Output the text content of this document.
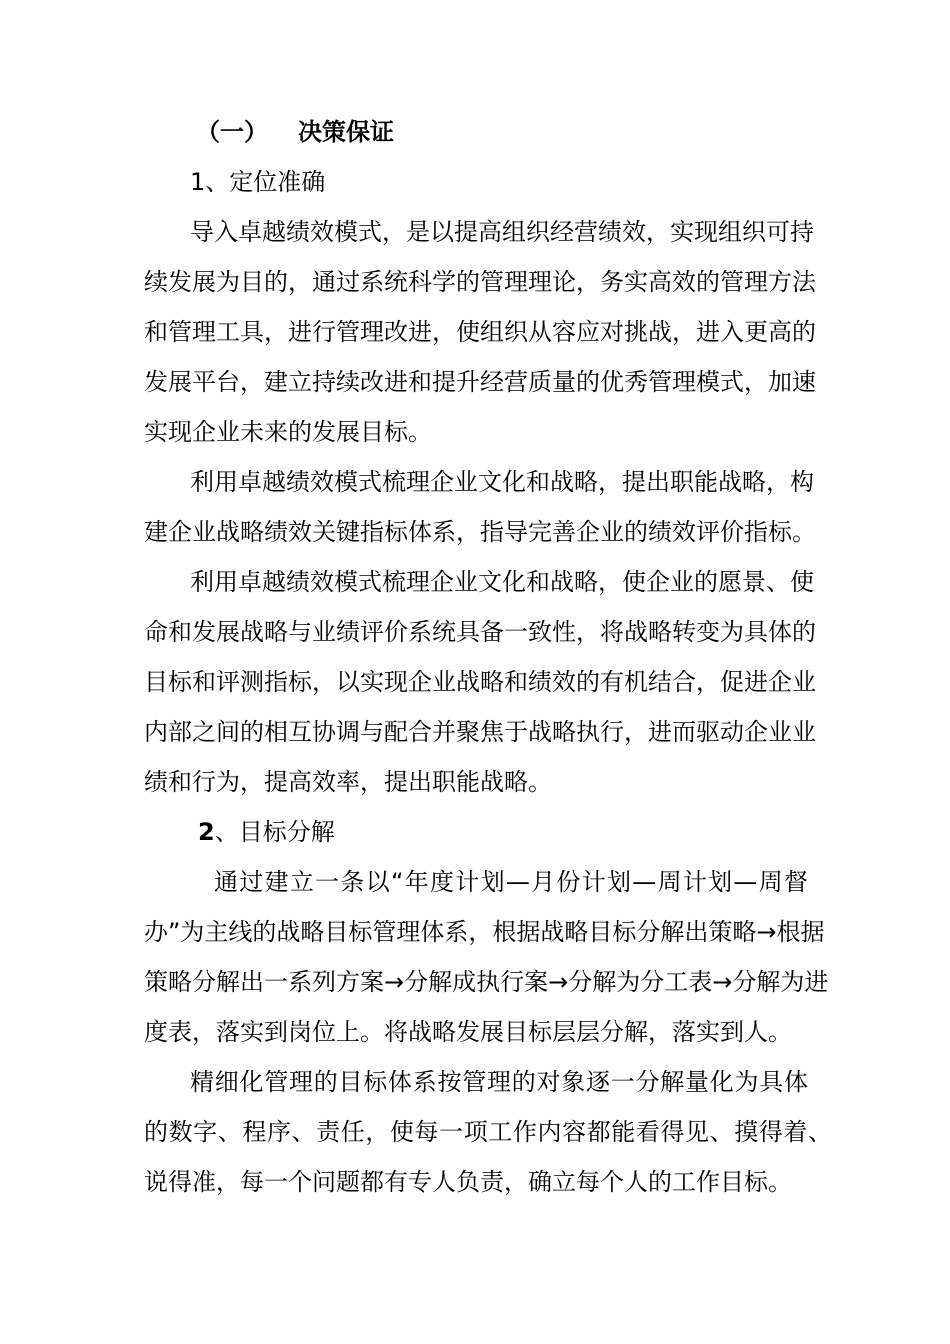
（一） 决策保证
1、定位准确
导入卓越绩效模式，是以提高组织经营绩效，实现组织可持
续发展为目的，通过系统科学的管理理论，务实高效的管理方法
和管理工具，进行管理改进，使组织从容应对挑战，进入更高的
发展平台，建立持续改进和提升经营质量的优秀管理模式，加速
实现企业未来的发展目标。
利用卓越绩效模式梳理企业文化和战略，提出职能战略，构
建企业战略绩效关键指标体系，指导完善企业的绩效评价指标。
利用卓越绩效模式梳理企业文化和战略，使企业的愿景、使
命和发展战略与业绩评价系统具备一致性，将战略转变为具体的
目标和评测指标，以实现企业战略和绩效的有机结合，促进企业
内部之间的相互协调与配合并聚焦于战略执行，进而驱动企业业
绩和行为，提高效率，提出职能战略。
2、目标分解
通过建立一条以“年度计划—月份计划—周计划—周督
办”为主线的战略目标管理体系，根据战略目标分解出策略→根据
策略分解出一系列方案→分解成执行案→分解为分工表→分解为进
度表，落实到岗位上。将战略发展目标层层分解，落实到人。
精细化管理的目标体系按管理的对象逐一分解量化为具体
的数字、程序、责任，使每一项工作内容都能看得见、摸得着、
说得准，每一个问题都有专人负责，确立每个人的工作目标。
